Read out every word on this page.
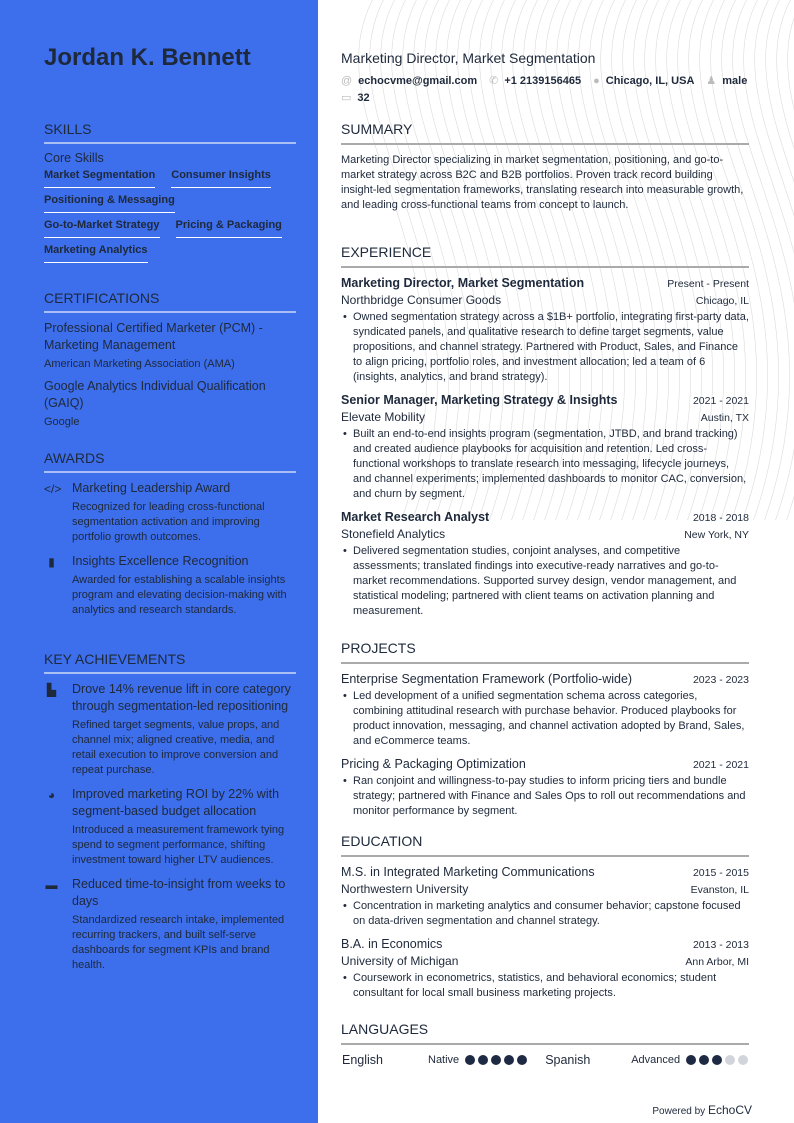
Jordan K. Bennett
SKILLS
Core Skills
Market Segmentation Consumer Insights
Positioning & Messaging
Go-to-Market Strategy Pricing & Packaging
Marketing Analytics
CERTIFICATIONS
Professional Certified Marketer (PCM) - Marketing Management
American Marketing Association (AMA)
Google Analytics Individual Qualification (GAIQ)
Google
AWARDS
</> Marketing Leadership Award
Recognized for leading cross-functional segmentation activation and improving portfolio growth outcomes.
▮	Insights Excellence Recognition
Awarded for establishing a scalable insights program and elevating decision-making with analytics and research standards.
KEY ACHIEVEMENTS
▙ Drove 14% revenue lift in core category through segmentation-led repositioning
Refined target segments, value props, and channel mix; aligned creative, media, and retail execution to improve conversion and repeat purchase.
◕	Improved marketing ROI by 22% with segment-based budget allocation
Introduced a measurement framework tying spend to segment performance, shifting investment toward higher LTV audiences.
▬ Reduced time-to-insight from weeks to days
Standardized research intake, implemented recurring trackers, and built self-serve dashboards for segment KPIs and brand health.
Marketing Director, Market Segmentation
@ echocvme@gmail.com ✆ +1 2139156465 ● Chicago, IL, USA ♟ male
▭ 32
SUMMARY
Marketing Director specializing in market segmentation, positioning, and go-to-market strategy across B2C and B2B portfolios. Proven track record building insight-led segmentation frameworks, translating research into measurable growth, and leading cross-functional teams from concept to launch.
EXPERIENCE
Marketing Director, Market Segmentation	Present - Present
Northbridge Consumer Goods	Chicago, IL
• Owned segmentation strategy across a $1B+ portfolio, integrating first-party data, syndicated panels, and qualitative research to define target segments, value propositions, and channel strategy. Partnered with Product, Sales, and Finance to align pricing, portfolio roles, and investment allocation; led a team of 6 (insights, analytics, and brand strategy).
Senior Manager, Marketing Strategy & Insights	2021 - 2021
Elevate Mobility	Austin, TX
• Built an end-to-end insights program (segmentation, JTBD, and brand tracking) and created audience playbooks for acquisition and retention. Led cross-functional workshops to translate research into messaging, lifecycle journeys, and channel experiments; implemented dashboards to monitor CAC, conversion, and churn by segment.
Market Research Analyst	2018 - 2018
Stonefield Analytics	New York, NY
• Delivered segmentation studies, conjoint analyses, and competitive assessments; translated findings into executive-ready narratives and go-to-market recommendations. Supported survey design, vendor management, and statistical modeling; partnered with client teams on activation planning and measurement.
PROJECTS
Enterprise Segmentation Framework (Portfolio-wide)	2023 - 2023
• Led development of a unified segmentation schema across categories, combining attitudinal research with purchase behavior. Produced playbooks for product innovation, messaging, and channel activation adopted by Brand, Sales, and eCommerce teams.
Pricing & Packaging Optimization	2021 - 2021
• Ran conjoint and willingness-to-pay studies to inform pricing tiers and bundle strategy; partnered with Finance and Sales Ops to roll out recommendations and monitor performance by segment.
EDUCATION
M.S. in Integrated Marketing Communications	2015 - 2015
Northwestern University	Evanston, IL
• Concentration in marketing analytics and consumer behavior; capstone focused on data-driven segmentation and channel strategy.
B.A. in Economics	2013 - 2013
University of Michigan	Ann Arbor, MI
• Coursework in econometrics, statistics, and behavioral economics; student consultant for local small business marketing projects.
LANGUAGES
English	Native	Spanish	Advanced
Powered by EchoCV
